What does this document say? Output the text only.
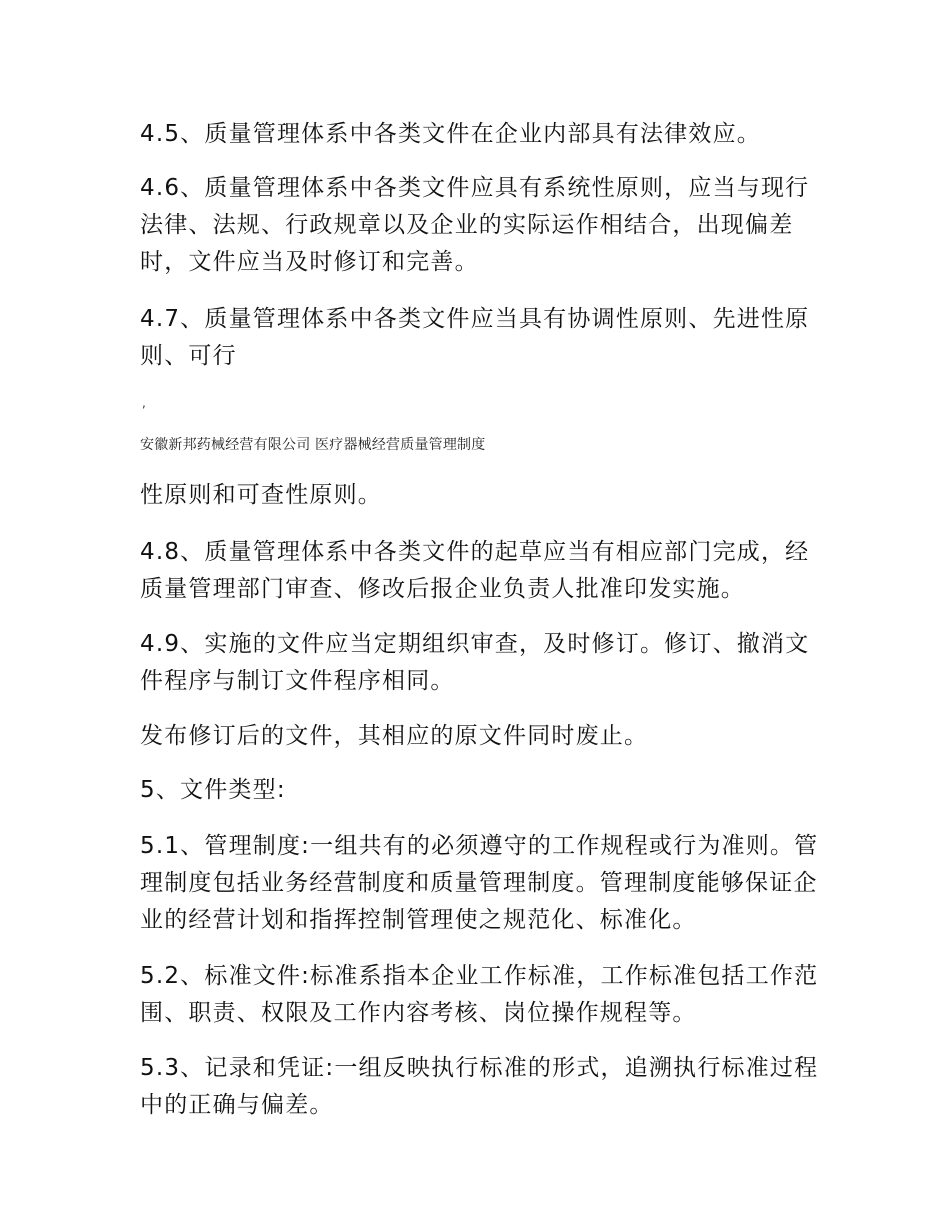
4.5、质量管理体系中各类文件在企业内部具有法律效应。

4.6、质量管理体系中各类文件应具有系统性原则，应当与现行法律、法规、行政规章以及企业的实际运作相结合，出现偏差时，文件应当及时修订和完善。

4.7、质量管理体系中各类文件应当具有协调性原则、先进性原则、可行

,
安徽新邦药械经营有限公司 医疗器械经营质量管理制度

性原则和可查性原则。

4.8、质量管理体系中各类文件的起草应当有相应部门完成，经质量管理部门审查、修改后报企业负责人批准印发实施。

4.9、实施的文件应当定期组织审查，及时修订。修订、撤消文件程序与制订文件程序相同。

发布修订后的文件，其相应的原文件同时废止。

5、文件类型:

5.1、管理制度:一组共有的必须遵守的工作规程或行为准则。管理制度包括业务经营制度和质量管理制度。管理制度能够保证企业的经营计划和指挥控制管理使之规范化、标准化。

5.2、标准文件:标准系指本企业工作标准，工作标准包括工作范围、职责、权限及工作内容考核、岗位操作规程等。

5.3、记录和凭证:一组反映执行标准的形式，追溯执行标准过程中的正确与偏差。
